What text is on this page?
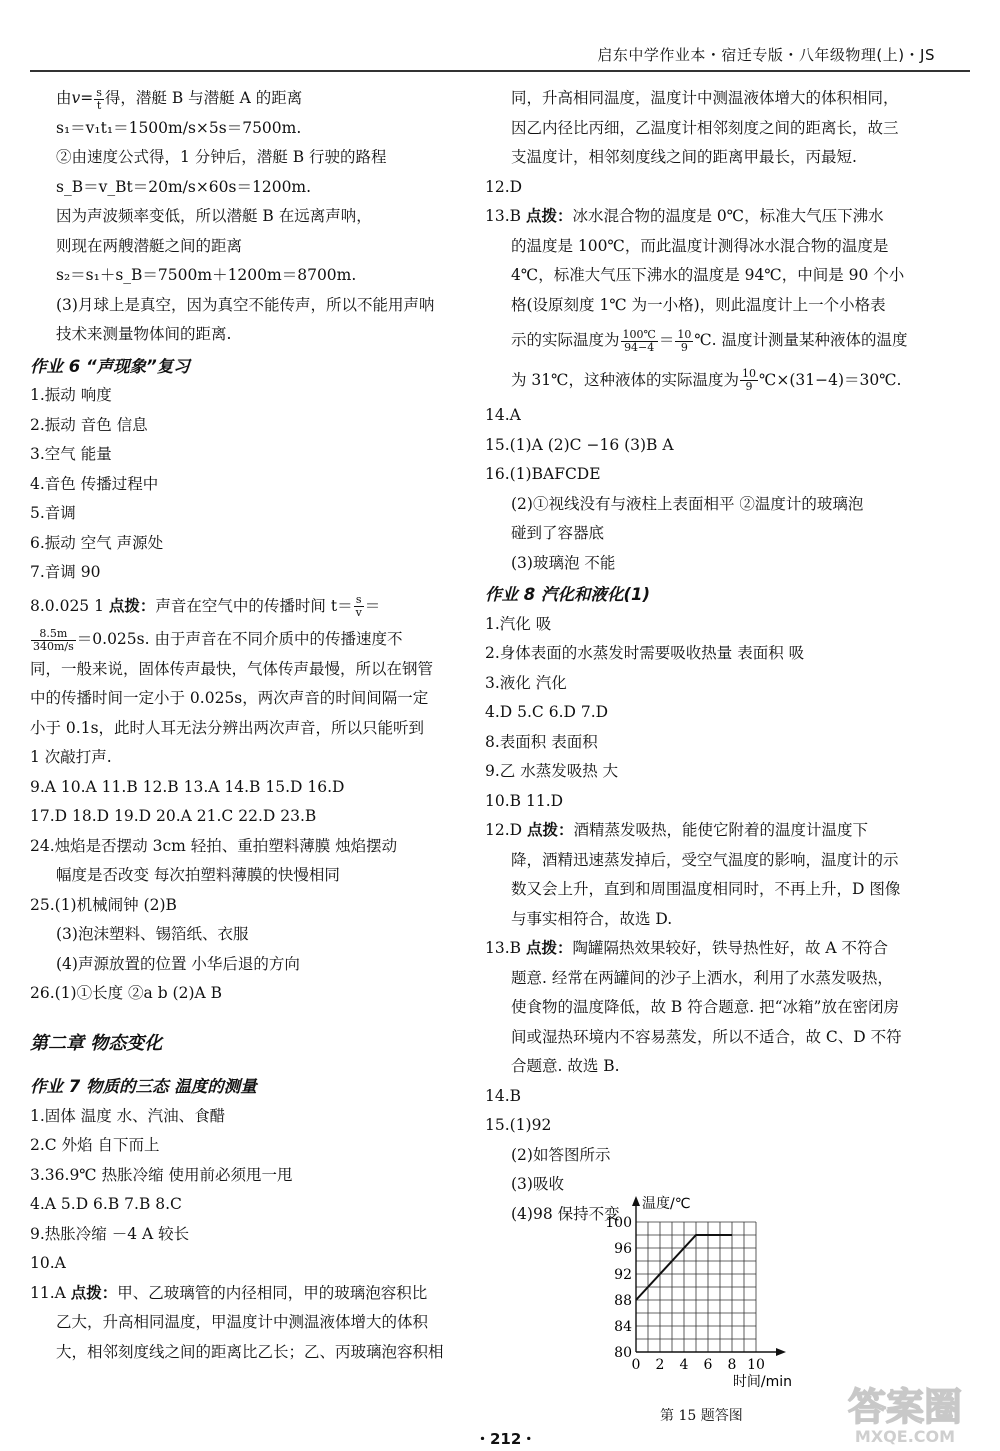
启东中学作业本・宿迁专版・八年级物理(上)・JS
由$v= \frac{s}{t}$ 得，潜艇 B 与潜艇 A 的距离
s₁＝v₁t₁＝1500m/s×5s＝7500m.
②由速度公式得，1 分钟后，潜艇 B 行驶的路程
s_B＝v_Bt＝20m/s×60s＝1200m.
因为声波频率变低，所以潜艇 B 在远离声呐，
则现在两艘潜艇之间的距离
s₂＝s₁＋s_B＝7500m＋1200m＝8700m.
(3)月球上是真空，因为真空不能传声，所以不能用声呐
技术来测量物体间的距离.
作业 6 “声现象”复习
1.振动 响度
2.振动 音色 信息
3.空气 能量
4.音色 传播过程中
5.音调
6.振动 空气 声源处
7.音调 90
8.0.025 1 点拨：声音在空气中的传播时间 $t= \frac{s}{v}$ ＝
$\frac{8.5m}{340m/s} =0.025s$. 由于声音在不同介质中的传播速度不
同，一般来说，固体传声最快，气体传声最慢，所以在钢管
中的传播时间一定小于 0.025s，两次声音的时间间隔一定
小于 0.1s，此时人耳无法分辨出两次声音，所以只能听到
1 次敲打声.
9.A 10.A 11.B 12.B 13.A 14.B 15.D 16.D
17.D 18.D 19.D 20.A 21.C 22.D 23.B
24.烛焰是否摆动 3cm 轻拍、重拍塑料薄膜 烛焰摆动
幅度是否改变 每次拍塑料薄膜的快慢相同
25.(1)机械闹钟 (2)B
(3)泡沫塑料、锡箔纸、衣服
(4)声源放置的位置 小华后退的方向
26.(1)①长度 ②a b (2)A B
第二章 物态变化
作业 7 物质的三态 温度的测量
1.固体 温度 水、汽油、食醋
2.C 外焰 自下而上
3.36.9℃ 热胀冷缩 使用前必须甩一甩
4.A 5.D 6.B 7.B 8.C
9.热胀冷缩 －4 A 较长
10.A
11.A 点拨：甲、乙玻璃管的内径相同，甲的玻璃泡容积比
乙大，升高相同温度，甲温度计中测温液体增大的体积
大，相邻刻度线之间的距离比乙长；乙、丙玻璃泡容积相
同，升高相同温度，温度计中测温液体增大的体积相同，
因乙内径比丙细，乙温度计相邻刻度之间的距离长，故三
支温度计，相邻刻度线之间的距离甲最长，丙最短.
12.D
13.B 点拨：冰水混合物的温度是 0℃，标准大气压下沸水
的温度是 100℃，而此温度计测得冰水混合物的温度是
4℃，标准大气压下沸水的温度是 94℃，中间是 90 个小
格(设原刻度 1℃ 为一小格)，则此温度计上一个小格表
示的实际温度为 $\frac{100℃}{94-4} = \frac{10}{9}$ ℃. 温度计测量某种液体的温度
为 31℃，这种液体的实际温度为 $\frac{10}{9}$ ℃×(31−4)＝30℃.
14.A
15.(1)A (2)C −16 (3)B A
16.(1)BAFCDE
(2)①视线没有与液柱上表面相平 ②温度计的玻璃泡
碰到了容器底
(3)玻璃泡 不能
作业 8 汽化和液化(1)
1.汽化 吸
2.身体表面的水蒸发时需要吸收热量 表面积 吸
3.液化 汽化
4.D 5.C 6.D 7.D
8.表面积 表面积
9.乙 水蒸发吸热 大
10.B 11.D
12.D 点拨：酒精蒸发吸热，能使它附着的温度计温度下
降，酒精迅速蒸发掉后，受空气温度的影响，温度计的示
数又会上升，直到和周围温度相同时，不再上升，D 图像
与事实相符合，故选 D.
13.B 点拨：陶罐隔热效果较好，铁导热性好，故 A 不符合
题意. 经常在两罐间的沙子上洒水，利用了水蒸发吸热，
使食物的温度降低，故 B 符合题意. 把“冰箱”放在密闭房
间或湿热环境内不容易蒸发，所以不适合，故 C、D 不符
合题意. 故选 B.
14.B
15.(1)92
(2)如答图所示
(3)吸收
(4)98 保持不变
80
84
88
92
96
100
0 2 4 6 8 10
温度/℃
时间/min
第 15 题答图
・212・
答案圈
MXQE.COM
